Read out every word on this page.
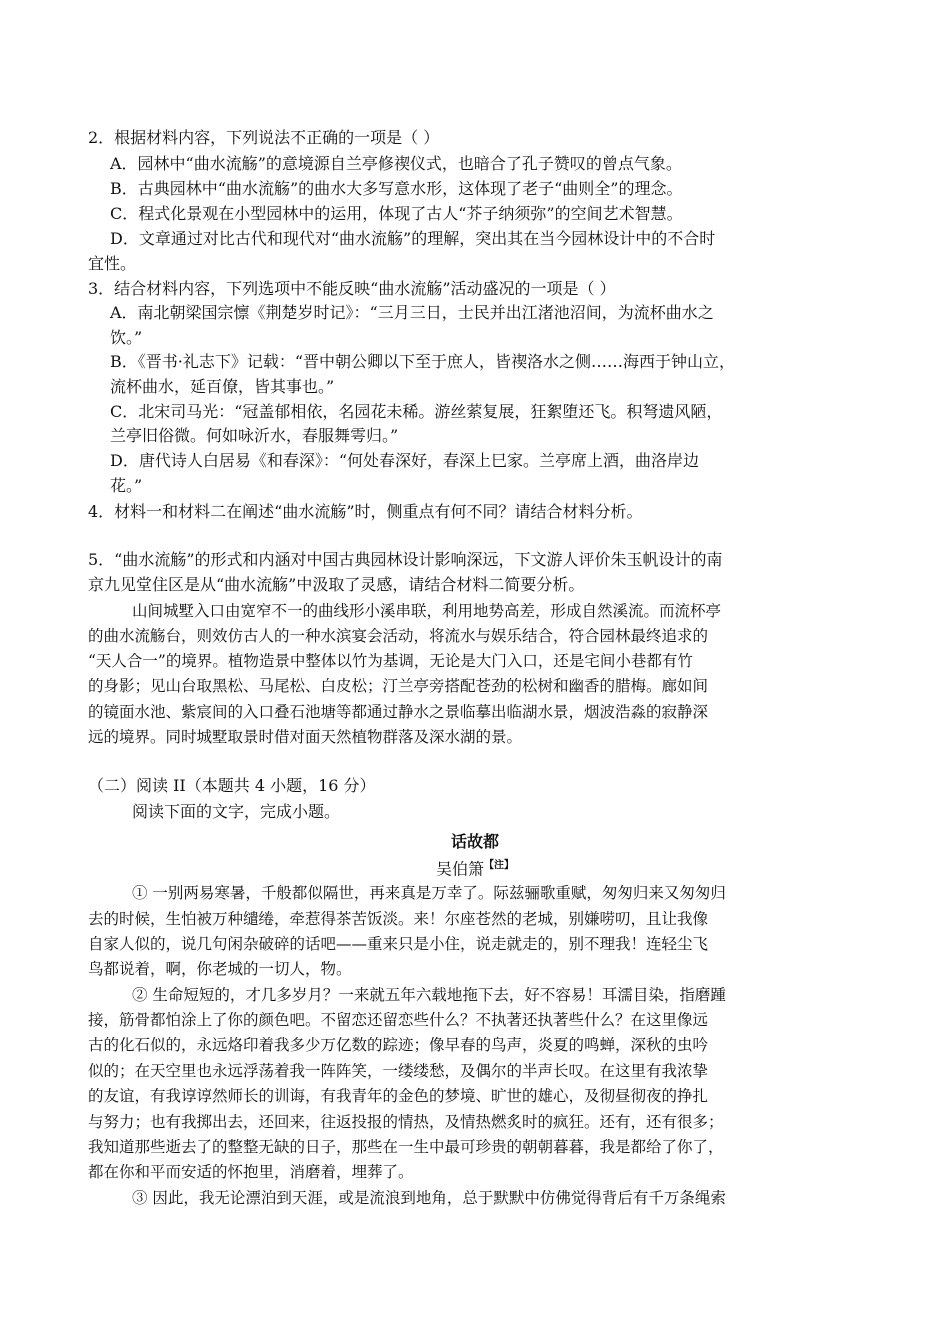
2．根据材料内容，下列说法不正确的一项是（ ）
A．园林中“曲水流觞”的意境源自兰亭修禊仪式，也暗合了孔子赞叹的曾点气象。
B．古典园林中“曲水流觞”的曲水大多写意水形，这体现了老子“曲则全”的理念。
C．程式化景观在小型园林中的运用，体现了古人“芥子纳须弥”的空间艺术智慧。
D．文章通过对比古代和现代对“曲水流觞”的理解，突出其在当今园林设计中的不合时
宜性。
3．结合材料内容，下列选项中不能反映“曲水流觞”活动盛况的一项是（ ）
A．南北朝梁国宗懔《荆楚岁时记》：“三月三日，士民并出江渚池沼间，为流杯曲水之
饮。”
B．《晋书·礼志下》记载：“晋中朝公卿以下至于庶人，皆禊洛水之侧……海西于钟山立，
流杯曲水，延百僚，皆其事也。”
C．北宋司马光：“冠盖郁相依，名园花未稀。游丝萦复展，狂絮堕还飞。积弩遗风陋，
兰亭旧俗微。何如咏沂水，春服舞雩归。”
D．唐代诗人白居易《和春深》：“何处春深好，春深上巳家。兰亭席上酒，曲洛岸边
花。”
4．材料一和材料二在阐述“曲水流觞”时，侧重点有何不同？请结合材料分析。
5．“曲水流觞”的形式和内涵对中国古典园林设计影响深远，下文游人评价朱玉帆设计的南
京九见堂住区是从“曲水流觞”中汲取了灵感，请结合材料二简要分析。
山间城墅入口由宽窄不一的曲线形小溪串联，利用地势高差，形成自然溪流。而流杯亭
的曲水流觞台，则效仿古人的一种水滨宴会活动，将流水与娱乐结合，符合园林最终追求的
“天人合一”的境界。植物造景中整体以竹为基调，无论是大门入口，还是宅间小巷都有竹
的身影；见山台取黑松、马尾松、白皮松；汀兰亭旁搭配苍劲的松树和幽香的腊梅。廊如间
的镜面水池、紫宸间的入口叠石池塘等都通过静水之景临摹出临湖水景，烟波浩淼的寂静深
远的境界。同时城墅取景时借对面天然植物群落及深水湖的景。
（二）阅读 II（本题共 4 小题，16 分）
阅读下面的文字，完成小题。
话故都
吴伯箫$^{【注】}$
① 一别两易寒暑，千般都似隔世，再来真是万幸了。际兹骊歌重赋，匆匆归来又匆匆归
去的时候，生怕被万种缱绻，牵惹得茶苦饭淡。来！尔座苍然的老城，别嫌唠叨，且让我像
自家人似的，说几句闲杂破碎的话吧——重来只是小住，说走就走的，别不理我！连轻尘飞
鸟都说着，啊，你老城的一切人，物。
② 生命短短的，才几多岁月？一来就五年六载地拖下去，好不容易！耳濡目染，指磨踵
接，筋骨都怕涂上了你的颜色吧。不留恋还留恋些什么？不执著还执著些什么？在这里像远
古的化石似的，永远烙印着我多少万亿数的踪迹；像早春的鸟声，炎夏的鸣蝉，深秋的虫吟
似的；在天空里也永远浮荡着我一阵阵笑，一缕缕愁，及偶尔的半声长叹。在这里有我浓挚
的友谊，有我谆谆然师长的训诲，有我青年的金色的梦境、旷世的雄心，及彻昼彻夜的挣扎
与努力；也有我掷出去，还回来，往返投报的情热，及情热燃炙时的疯狂。还有，还有很多；
我知道那些逝去了的整整无缺的日子，那些在一生中最可珍贵的朝朝暮暮，我是都给了你了，
都在你和平而安适的怀抱里，消磨着，埋葬了。
③ 因此，我无论漂泊到天涯，或是流浪到地角，总于默默中仿佛觉得背后有千万条绳索
